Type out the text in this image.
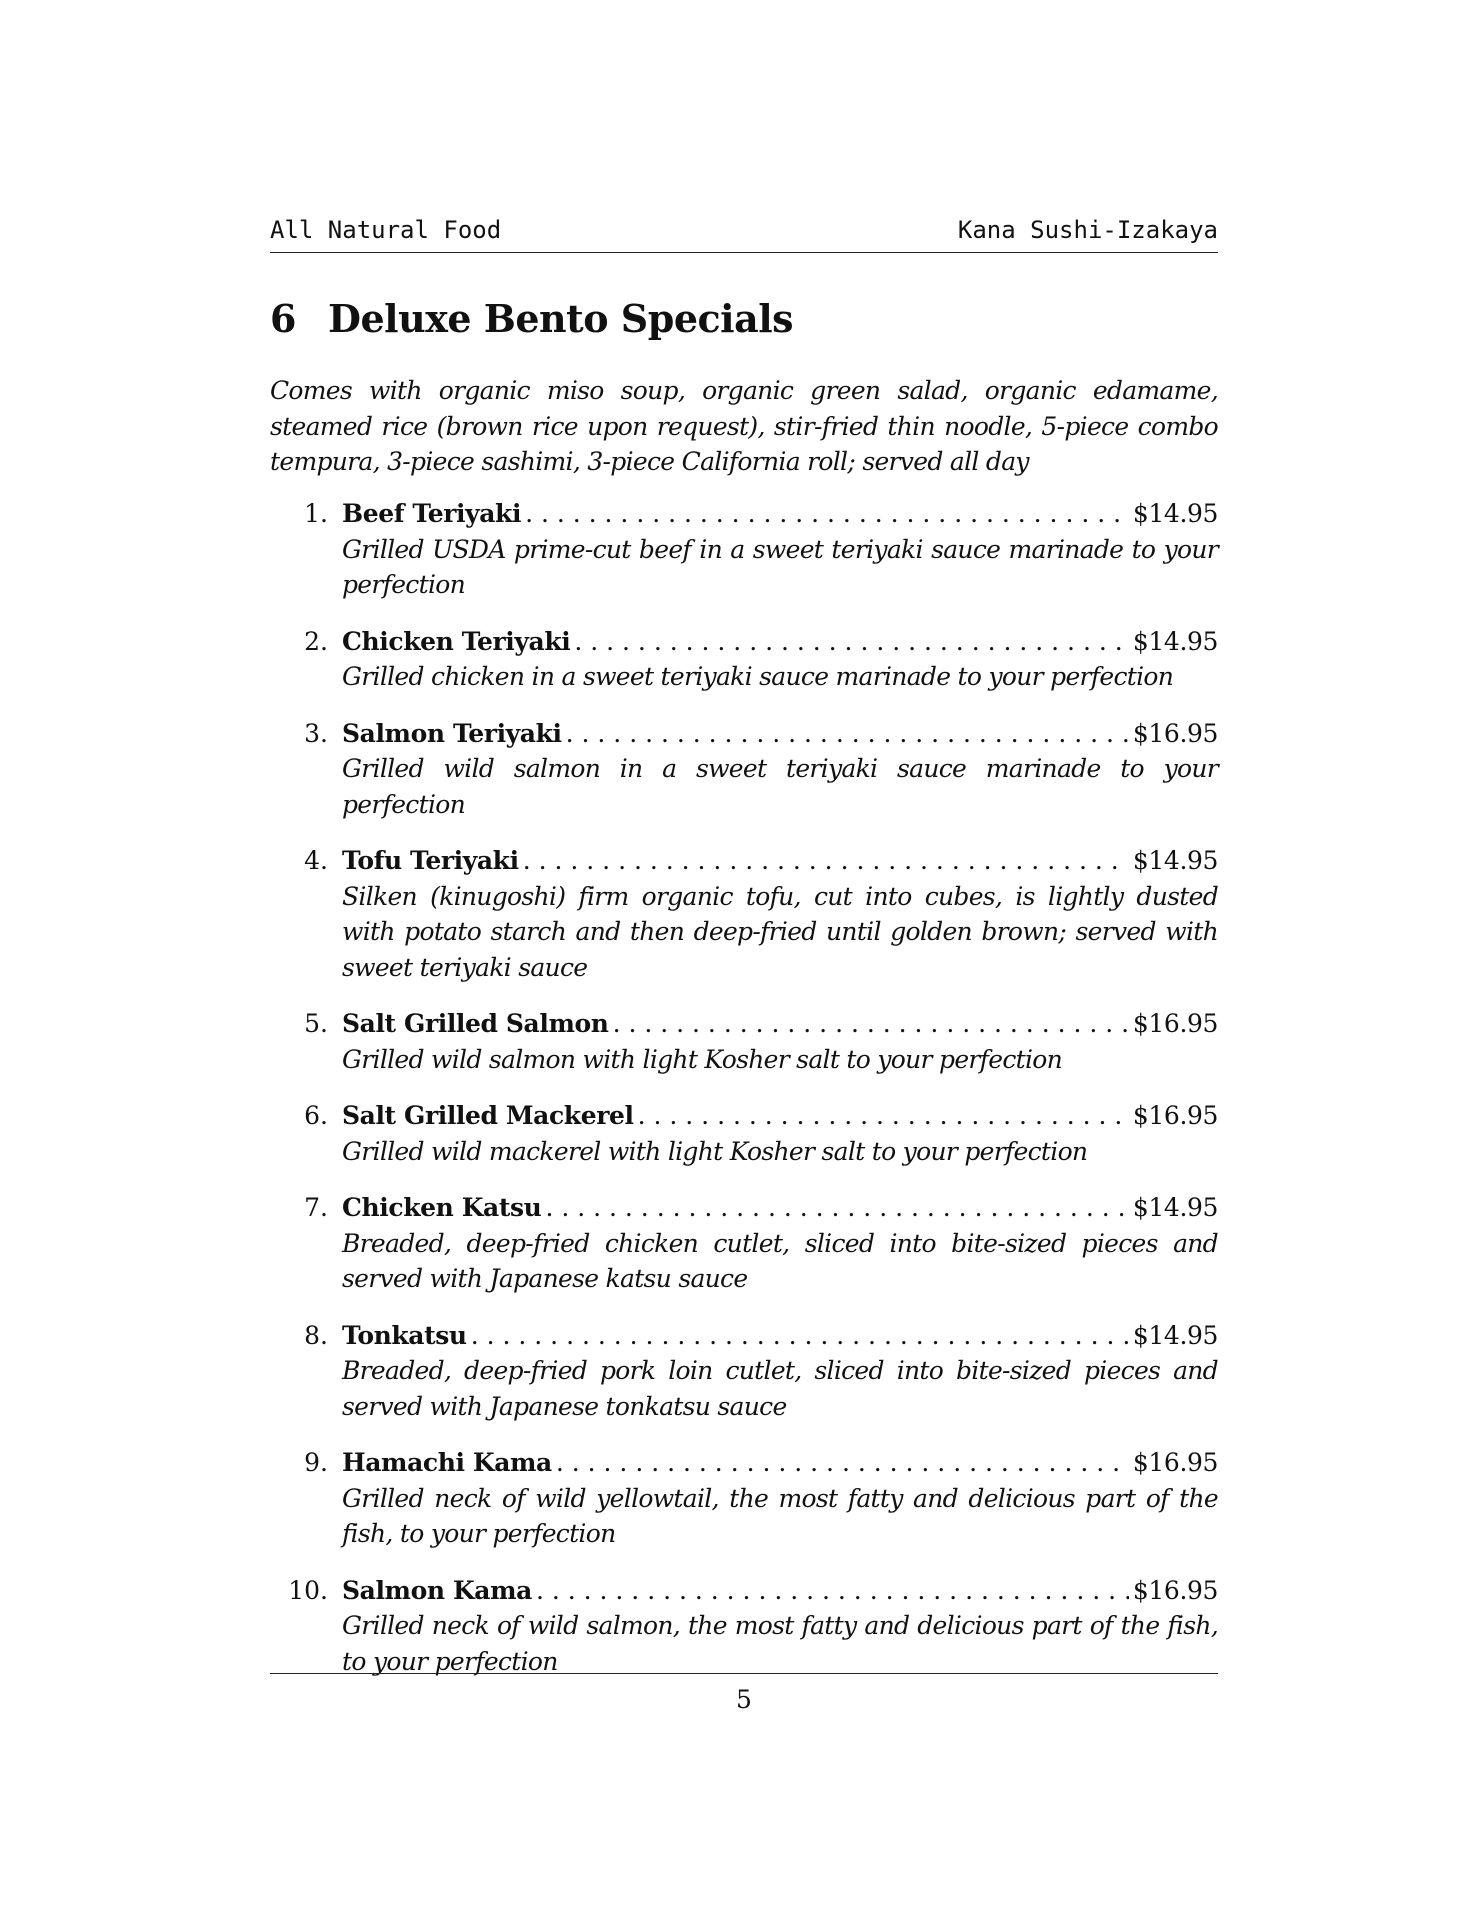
All Natural Food	Kana Sushi-Izakaya
6 Deluxe Bento Specials

Comes with organic miso soup, organic green salad, organic edamame, steamed rice (brown rice upon request), stir-fried thin noodle, 5-piece combo tempura, 3-piece sashimi, 3-piece California roll; served all day

1. Beef Teriyaki . . .	$14.95
Grilled USDA prime-cut beef in a sweet teriyaki sauce marinade to your perfection
2. Chicken Teriyaki . . .	$14.95
Grilled chicken in a sweet teriyaki sauce marinade to your perfection
3. Salmon Teriyaki . . .	$16.95
Grilled wild salmon in a sweet teriyaki sauce marinade to your perfection
4. Tofu Teriyaki . . .	$14.95
Silken (kinugoshi) firm organic tofu, cut into cubes, is lightly dusted with potato starch and then deep-fried until golden brown; served with sweet teriyaki sauce
5. Salt Grilled Salmon . . .	$16.95
Grilled wild salmon with light Kosher salt to your perfection
6. Salt Grilled Mackerel . . .	$16.95
Grilled wild mackerel with light Kosher salt to your perfection
7. Chicken Katsu . . .	$14.95
Breaded, deep-fried chicken cutlet, sliced into bite-sized pieces and served with Japanese katsu sauce
8. Tonkatsu . . .	$14.95
Breaded, deep-fried pork loin cutlet, sliced into bite-sized pieces and served with Japanese tonkatsu sauce
9. Hamachi Kama . . .	$16.95
Grilled neck of wild yellowtail, the most fatty and delicious part of the fish, to your perfection
10. Salmon Kama . . .	$16.95
Grilled neck of wild salmon, the most fatty and delicious part of the fish, to your perfection
5
